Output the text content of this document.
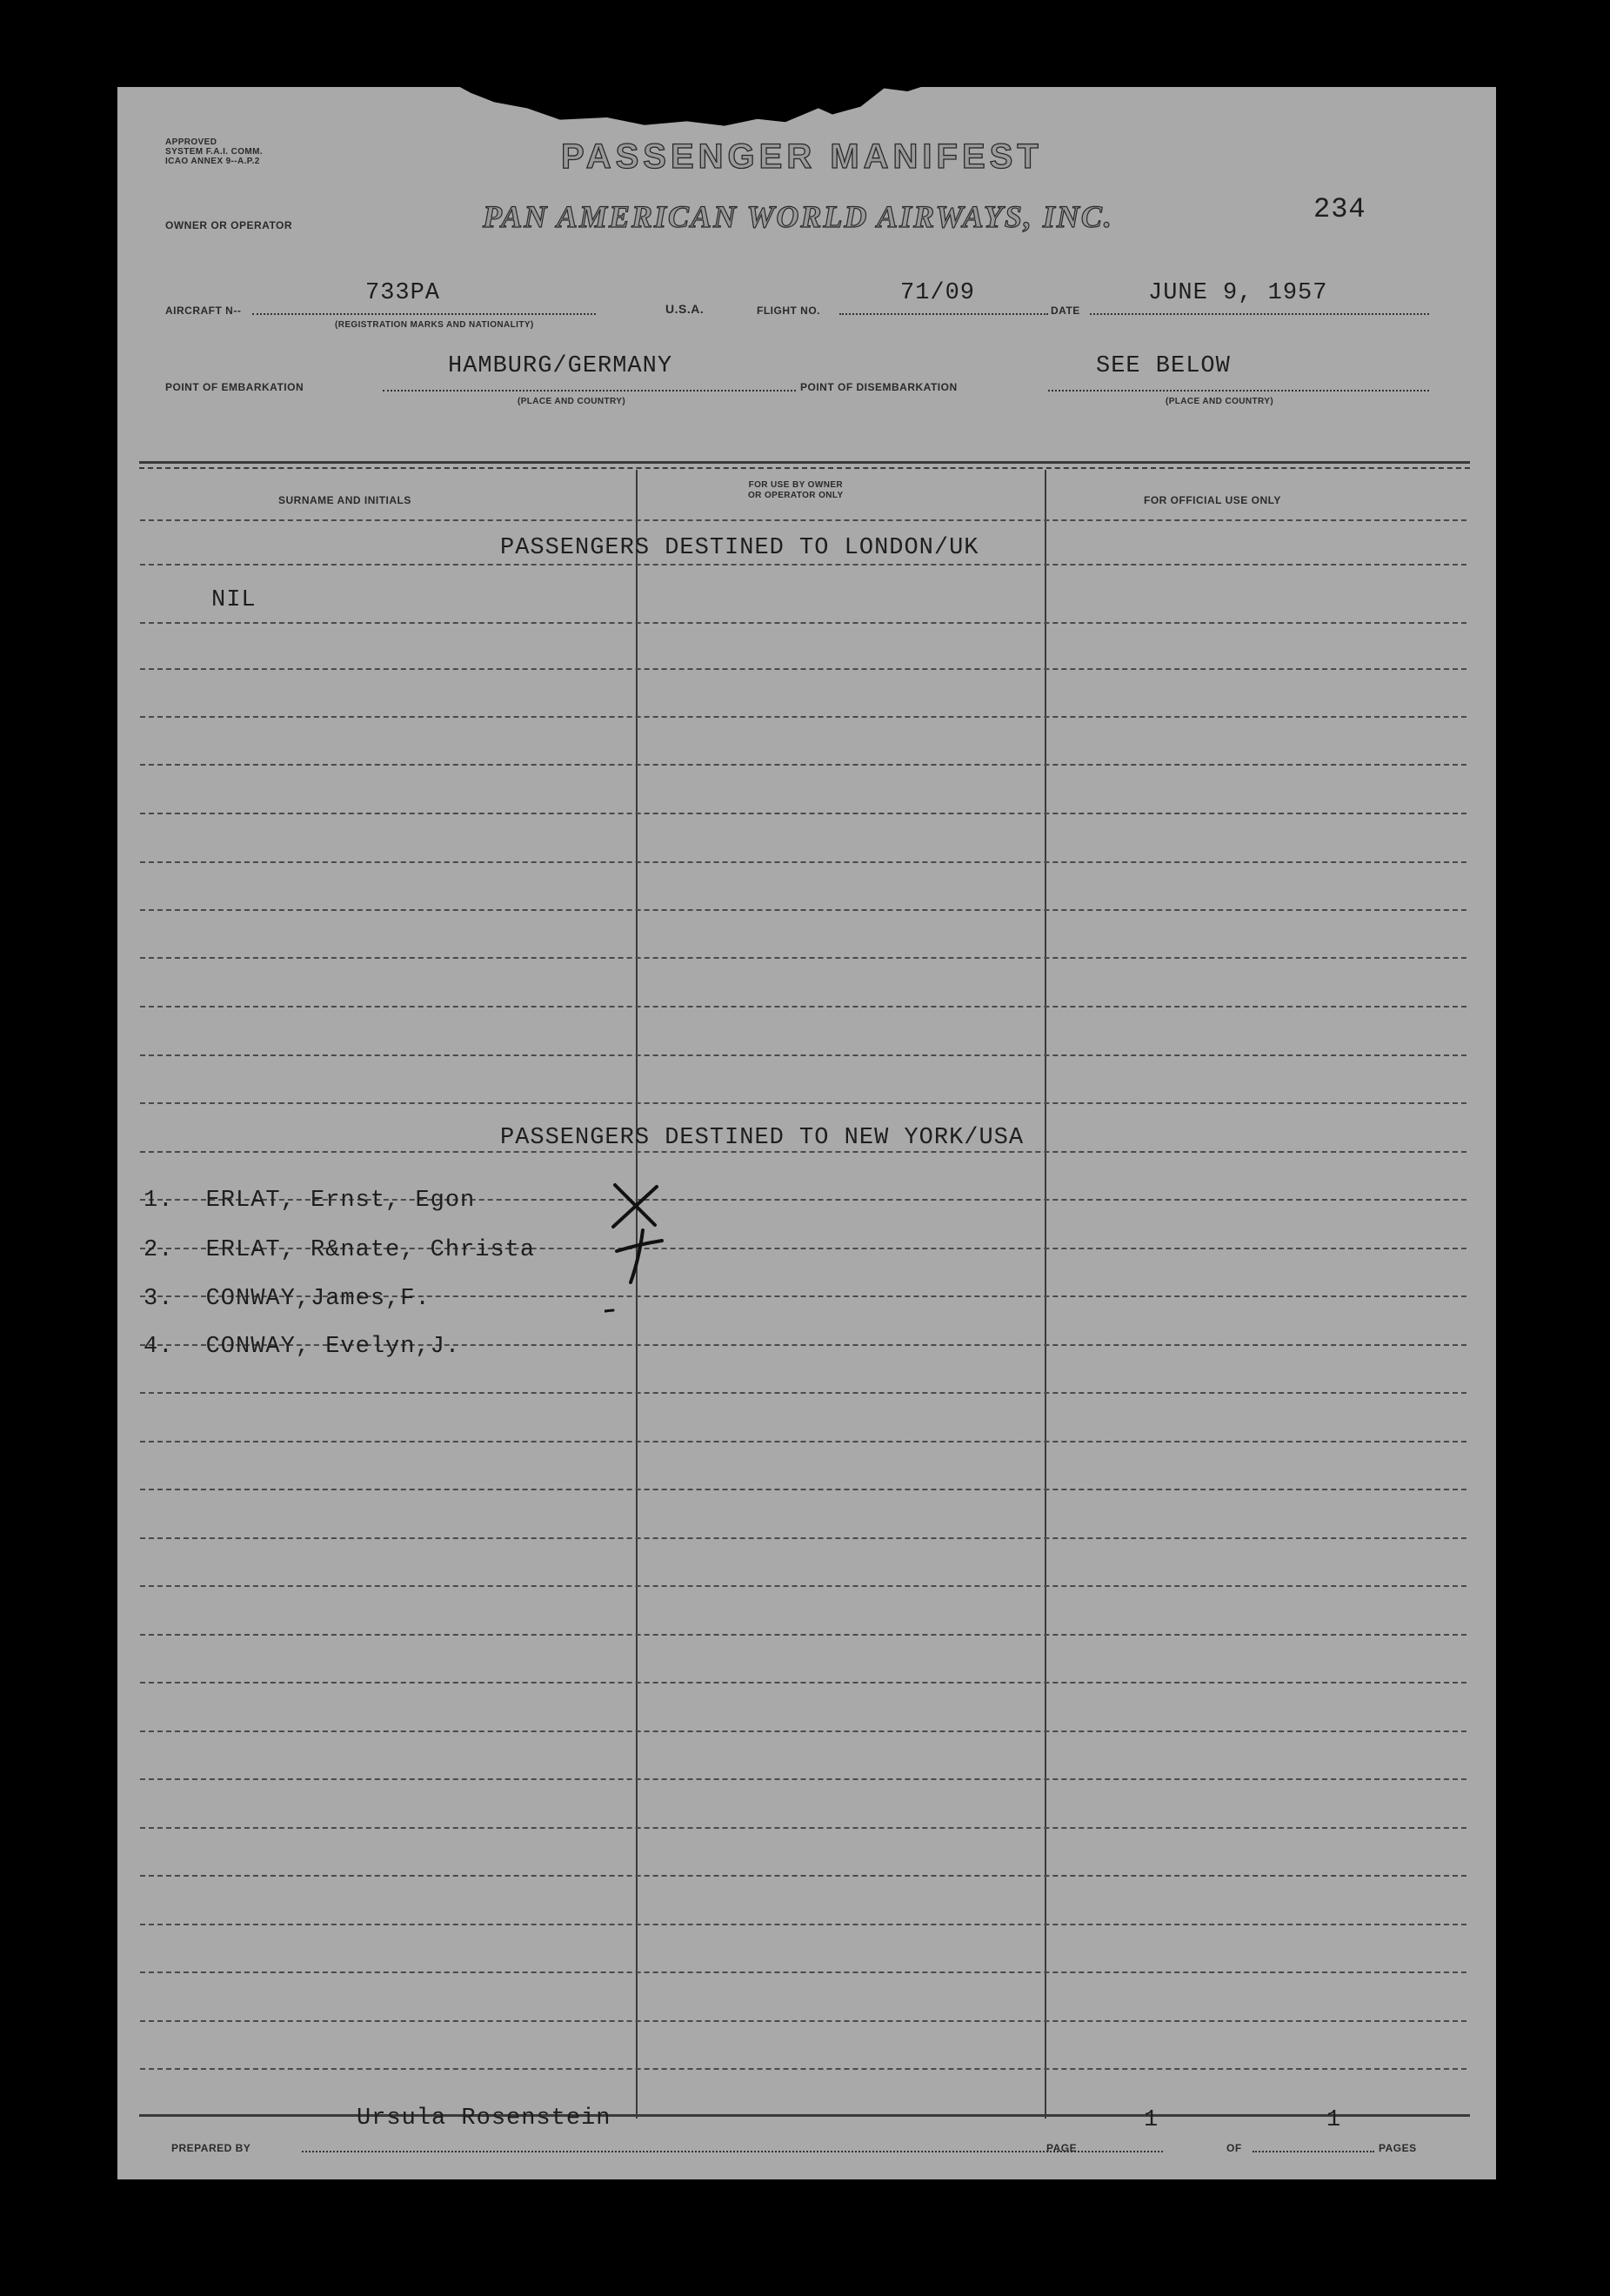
APPROVED
SYSTEM F.A.I. COMM.
ICAO ANNEX 9--A.P.2	PASSENGER MANIFEST
234
OWNER OR OPERATOR	PAN AMERICAN WORLD AIRWAYS, INC.
AIRCRAFT N--
733PA
(REGISTRATION MARKS AND NATIONALITY)
U.S.A.	FLIGHT NO.
71/09
DATE
JUNE 9, 1957
POINT OF EMBARKATION
HAMBURG/GERMANY
(PLACE AND COUNTRY)
POINT OF DISEMBARKATION
SEE BELOW
(PLACE AND COUNTRY)
SURNAME AND INITIALS
FOR USE BY OWNER
OR OPERATOR ONLY	FOR OFFICIAL USE ONLY
PASSENGERS DESTINED TO LONDON/UK
NIL
PASSENGERS DESTINED TO NEW YORK/USA
1. ERLAT, Ernst, Egon
2. ERLAT, R&nate, Christa
3. CONWAY,James,F.
4. CONWAY, Evelyn,J.
Ursula Rosenstein
PREPARED BY	PAGE
1
OF
1
PAGES
